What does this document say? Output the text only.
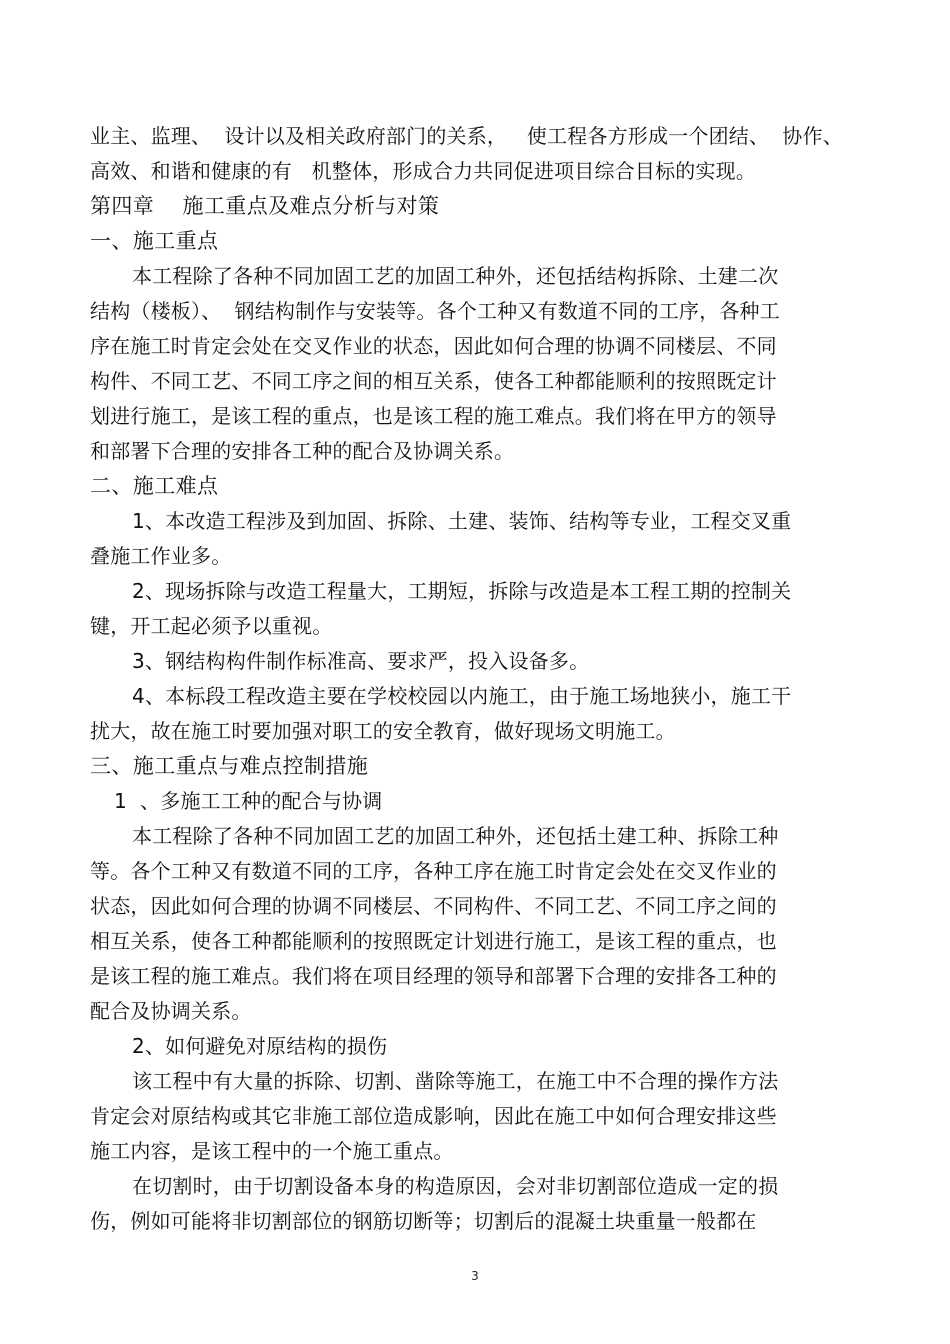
业主、监理、  设计以及相关政府部门的关系，   使工程各方形成一个团结、  协作、
高效、和谐和健康的有   机整体，形成合力共同促进项目综合目标的实现。
第四章    施工重点及难点分析与对策
一、施工重点
本工程除了各种不同加固工艺的加固工种外，还包括结构拆除、土建二次
结构（楼板）、  钢结构制作与安装等。各个工种又有数道不同的工序，各种工
序在施工时肯定会处在交叉作业的状态，因此如何合理的协调不同楼层、不同
构件、不同工艺、不同工序之间的相互关系，使各工种都能顺利的按照既定计
划进行施工，是该工程的重点，也是该工程的施工难点。我们将在甲方的领导
和部署下合理的安排各工种的配合及协调关系。
二、施工难点
1、本改造工程涉及到加固、拆除、土建、装饰、结构等专业，工程交叉重
叠施工作业多。
2、现场拆除与改造工程量大，工期短，拆除与改造是本工程工期的控制关
键，开工起必须予以重视。
3、钢结构构件制作标准高、要求严，投入设备多。
4、本标段工程改造主要在学校校园以内施工，由于施工场地狭小，施工干
扰大，故在施工时要加强对职工的安全教育，做好现场文明施工。
三、施工重点与难点控制措施
1  、多施工工种的配合与协调
本工程除了各种不同加固工艺的加固工种外，还包括土建工种、拆除工种
等。各个工种又有数道不同的工序，各种工序在施工时肯定会处在交叉作业的
状态，因此如何合理的协调不同楼层、不同构件、不同工艺、不同工序之间的
相互关系，使各工种都能顺利的按照既定计划进行施工，是该工程的重点，也
是该工程的施工难点。我们将在项目经理的领导和部署下合理的安排各工种的
配合及协调关系。
2、如何避免对原结构的损伤
该工程中有大量的拆除、切割、凿除等施工，在施工中不合理的操作方法
肯定会对原结构或其它非施工部位造成影响，因此在施工中如何合理安排这些
施工内容，是该工程中的一个施工重点。
在切割时，由于切割设备本身的构造原因，会对非切割部位造成一定的损
伤，例如可能将非切割部位的钢筋切断等；切割后的混凝土块重量一般都在
3
